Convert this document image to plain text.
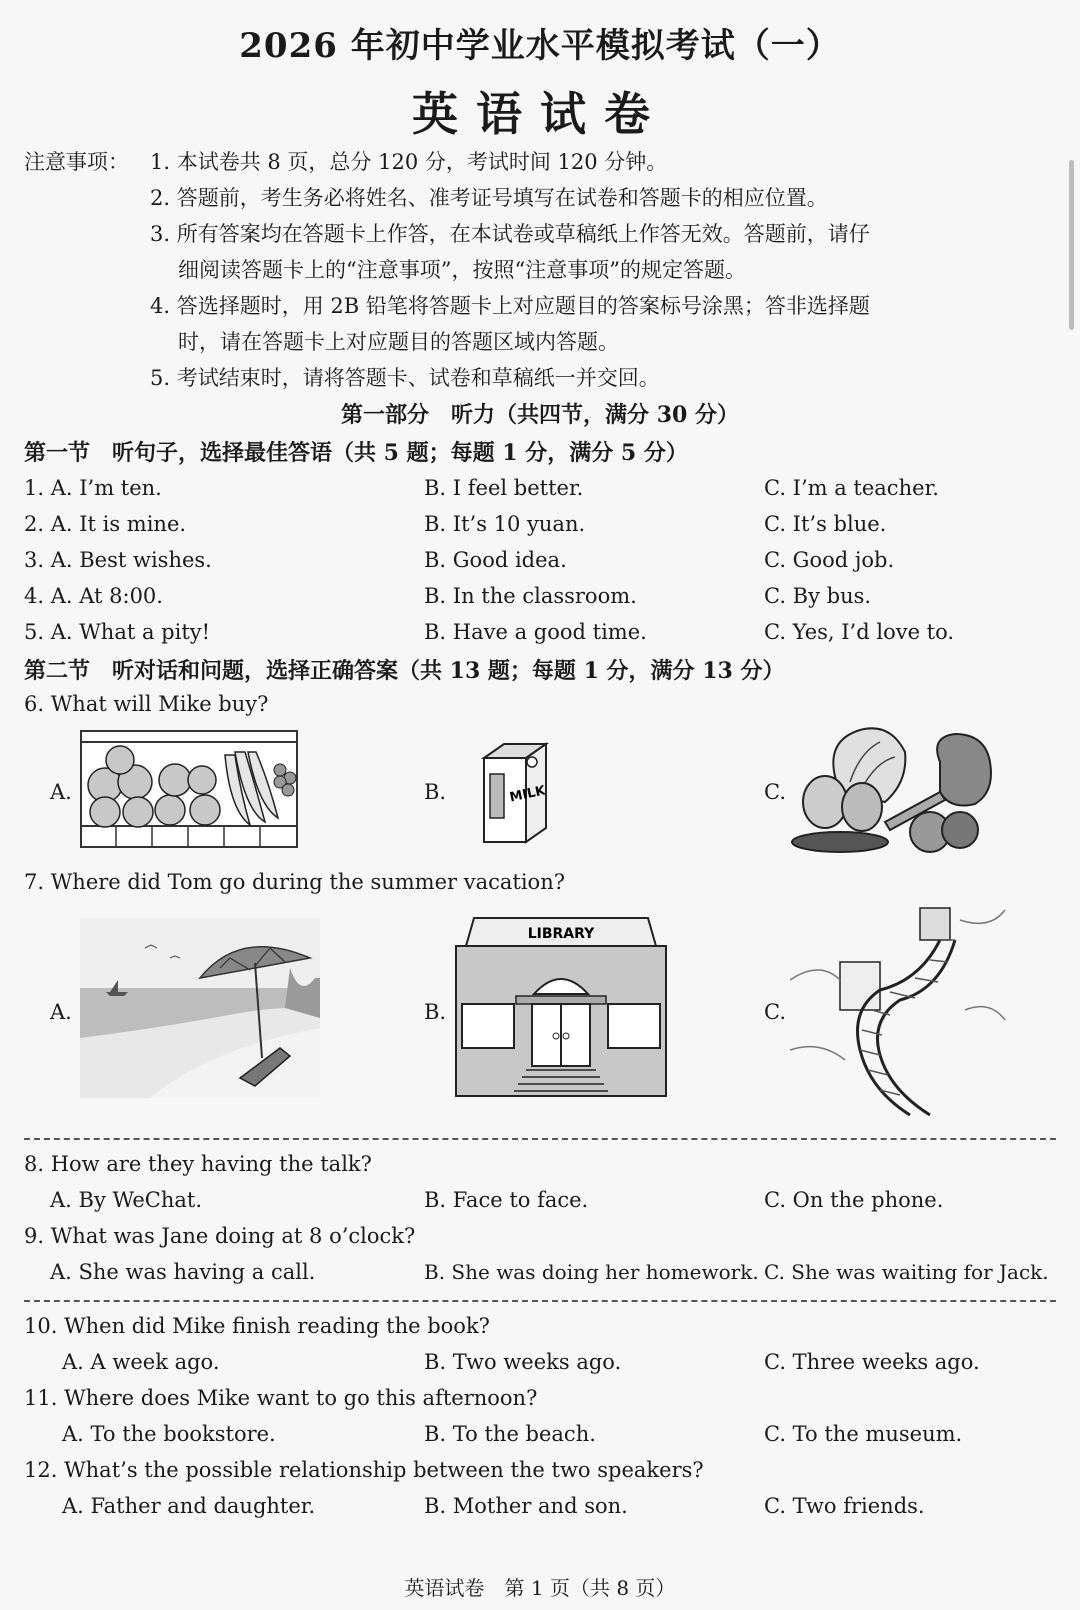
2026 年初中学业水平模拟考试（一）
英语试卷
注意事项： 1. 本试卷共 8 页，总分 120 分，考试时间 120 分钟。
2. 答题前，考生务必将姓名、准考证号填写在试卷和答题卡的相应位置。
3. 所有答案均在答题卡上作答，在本试卷或草稿纸上作答无效。答题前，请仔
细阅读答题卡上的“注意事项”，按照“注意事项”的规定答题。
4. 答选择题时，用 2B 铅笔将答题卡上对应题目的答案标号涂黑；答非选择题
时，请在答题卡上对应题目的答题区域内答题。
5. 考试结束时，请将答题卡、试卷和草稿纸一并交回。
第一部分　听力（共四节，满分 30 分）
第一节　听句子，选择最佳答语（共 5 题；每题 1 分，满分 5 分）
1. A. I’m ten.	B. I feel better.	C. I’m a teacher.
2. A. It is mine.	B. It’s 10 yuan.	C. It’s blue.
3. A. Best wishes.	B. Good idea.	C. Good job.
4. A. At 8:00.	B. In the classroom.	C. By bus.
5. A. What a pity!	B. Have a good time.	C. Yes, I’d love to.
第二节　听对话和问题，选择正确答案（共 13 题；每题 1 分，满分 13 分）
6. What will Mike buy?
A.	B.	C.
MILK
7. Where did Tom go during the summer vacation?
A.	B.	C.
LIBRARY
8. How are they having the talk?
A. By WeChat.	B. Face to face.	C. On the phone.
9. What was Jane doing at 8 o’clock?
A. She was having a call.	B. She was doing her homework. C. She was waiting for Jack.
10. When did Mike finish reading the book?
A. A week ago.	B. Two weeks ago.	C. Three weeks ago.
11. Where does Mike want to go this afternoon?
A. To the bookstore.	B. To the beach.	C. To the museum.
12. What’s the possible relationship between the two speakers?
A. Father and daughter.	B. Mother and son.	C. Two friends.
英语试卷　第 1 页（共 8 页）
